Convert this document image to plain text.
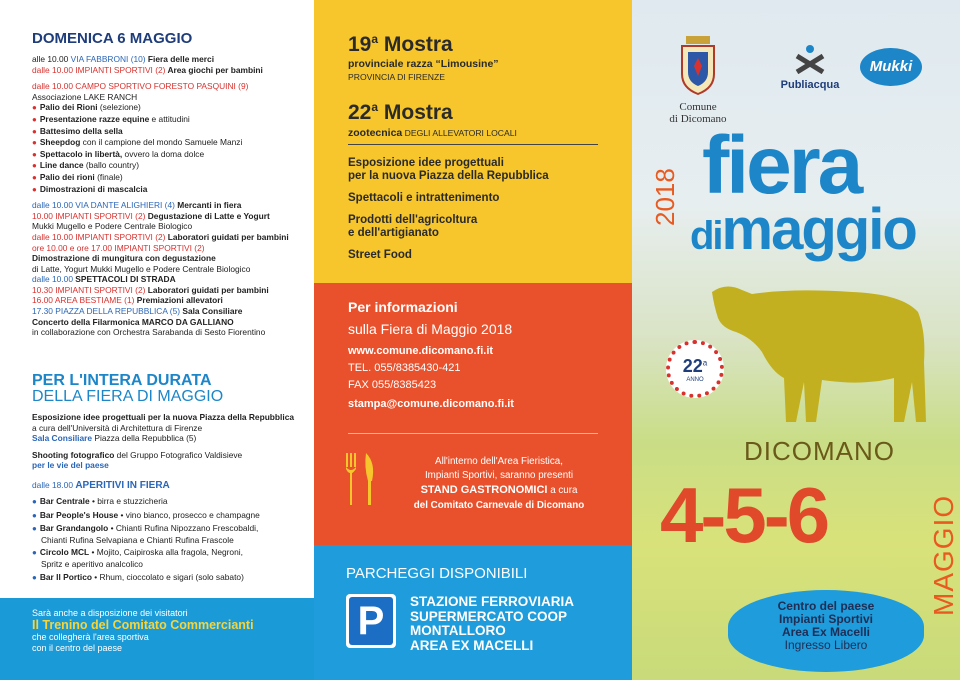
DOMENICA 6 MAGGIO
alle 10.00 VIA FABBRONI (10) Fiera delle merci
dalle 10.00 IMPIANTI SPORTIVI (2) Area giochi per bambini
dalle 10.00 CAMPO SPORTIVO FORESTO PASQUINI (9)
Associazione LAKE RANCH
● Palio dei Rioni (selezione)
● Presentazione razze equine e attitudini
● Battesimo della sella
● Sheepdog con il campione del mondo Samuele Manzi
● Spettacolo in libertà, ovvero la doma dolce
● Line dance (ballo country)
● Palio dei rioni (finale)
● Dimostrazioni di mascalcia
dalle 10.00 VIA DANTE ALIGHIERI (4) Mercanti in fiera
10.00 IMPIANTI SPORTIVI (2) Degustazione di Latte e Yogurt
Mukki Mugello e Podere Centrale Biologico
dalle 10.00 IMPIANTI SPORTIVI (2) Laboratori guidati per bambini
ore 10.00 e ore 17.00 IMPIANTI SPORTIVI (2)
Dimostrazione di mungitura con degustazione
di Latte, Yogurt Mukki Mugello e Podere Centrale Biologico
dalle 10.00 SPETTACOLI DI STRADA
10.30 IMPIANTI SPORTIVI (2) Laboratori guidati per bambini
16.00 AREA BESTIAME (1) Premiazioni allevatori
17.30 PIAZZA DELLA REPUBBLICA (5) Sala Consiliare
Concerto della Filarmonica MARCO DA GALLIANO
in collaborazione con Orchestra Sarabanda di Sesto Fiorentino
PER L'INTERA DURATA
DELLA FIERA DI MAGGIO
Esposizione idee progettuali per la nuova Piazza della Repubblica
a cura dell'Università di Architettura di Firenze
Sala Consiliare Piazza della Repubblica (5)
Shooting fotografico del Gruppo Fotografico Valdisieve
per le vie del paese
dalle 18.00 APERITIVI IN FIERA
● Bar Centrale • birra e stuzzicheria
● Bar People's House • vino bianco, prosecco e champagne
● Bar Grandangolo • Chianti Rufina Nipozzano Frescobaldi,
Chianti Rufina Selvapiana e Chianti Rufina Frascole
● Circolo MCL • Mojito, Caipiroska alla fragola, Negroni,
Spritz e aperitivo analcolico
● Bar Il Portico • Rhum, cioccolato e sigari (solo sabato)
Sarà anche a disposizione dei visitatori
Il Trenino del Comitato Commercianti
che collegherà l'area sportiva
con il centro del paese
19$^a$ Mostra
provinciale razza “Limousine”
PROVINCIA DI FIRENZE
22$^a$ Mostra
zootecnica DEGLI ALLEVATORI LOCALI
Esposizione idee progettuali
per la nuova Piazza della Repubblica
Spettacoli e intrattenimento
Prodotti dell'agricoltura
e dell'artigianato
Street Food
Per informazioni
sulla Fiera di Maggio 2018
www.comune.dicomano.fi.it
TEL. 055/8385430-421
FAX 055/8385423
stampa@comune.dicomano.fi.it
All'interno dell'Area Fieristica,
Impianti Sportivi, saranno presenti
STAND GASTRONOMICI a cura
del Comitato Carnevale di Dicomano
PARCHEGGI DISPONIBILI
P	STAZIONE FERROVIARIA
SUPERMERCATO COOP
MONTALLORO
AREA EX MACELLI
Comune
di Dicomano
Publiacqua
Mukki
2018 fiera
dimaggio
22$^a$
ANNO
DICOMANO
4-5-6	MAGGIO
Centro del paese
Impianti Sportivi
Area Ex Macelli
Ingresso Libero
